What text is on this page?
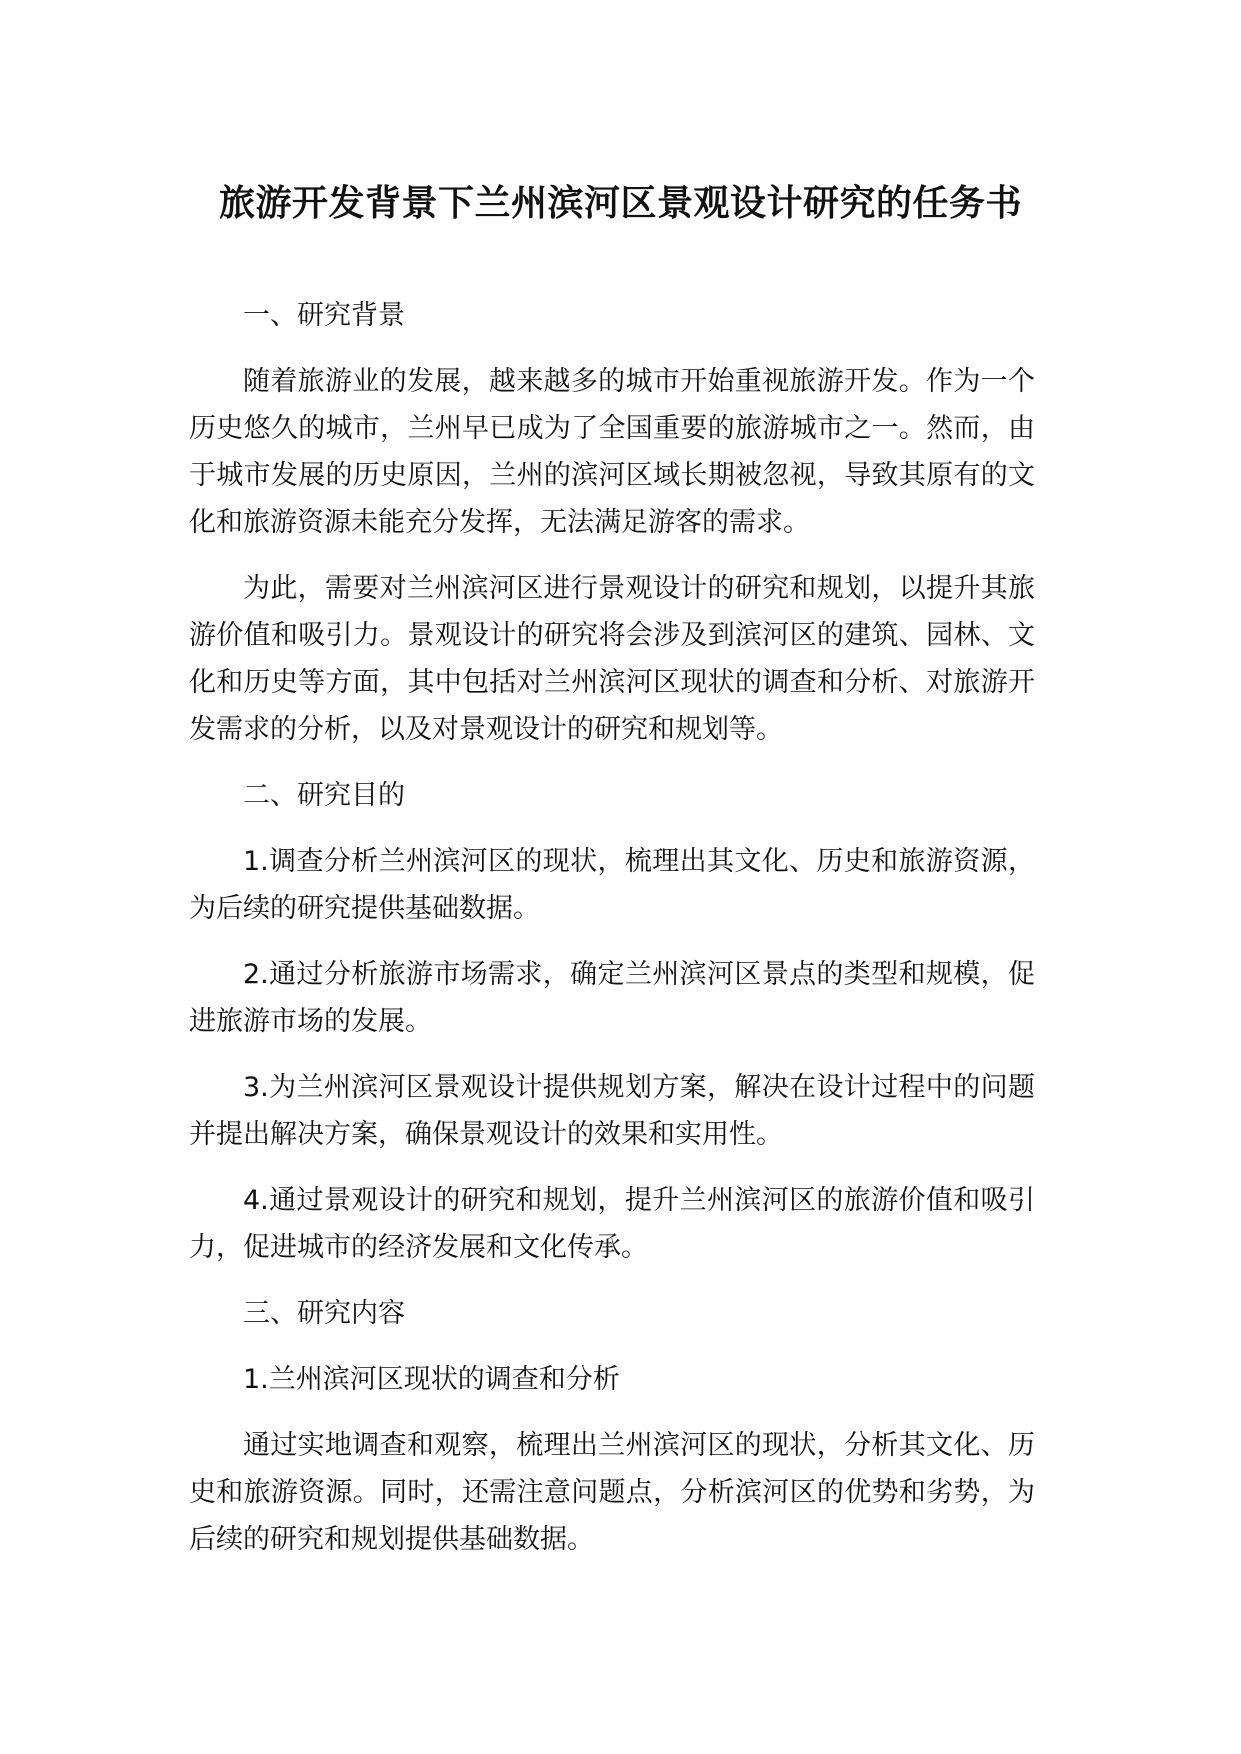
旅游开发背景下兰州滨河区景观设计研究的任务书

一、研究背景

随着旅游业的发展，越来越多的城市开始重视旅游开发。作为一个历史悠久的城市，兰州早已成为了全国重要的旅游城市之一。然而，由于城市发展的历史原因，兰州的滨河区域长期被忽视，导致其原有的文化和旅游资源未能充分发挥，无法满足游客的需求。

为此，需要对兰州滨河区进行景观设计的研究和规划，以提升其旅游价值和吸引力。景观设计的研究将会涉及到滨河区的建筑、园林、文化和历史等方面，其中包括对兰州滨河区现状的调查和分析、对旅游开发需求的分析，以及对景观设计的研究和规划等。

二、研究目的

1.调查分析兰州滨河区的现状，梳理出其文化、历史和旅游资源，为后续的研究提供基础数据。

2.通过分析旅游市场需求，确定兰州滨河区景点的类型和规模，促进旅游市场的发展。

3.为兰州滨河区景观设计提供规划方案，解决在设计过程中的问题并提出解决方案，确保景观设计的效果和实用性。

4.通过景观设计的研究和规划，提升兰州滨河区的旅游价值和吸引力，促进城市的经济发展和文化传承。

三、研究内容

1.兰州滨河区现状的调查和分析

通过实地调查和观察，梳理出兰州滨河区的现状，分析其文化、历史和旅游资源。同时，还需注意问题点，分析滨河区的优势和劣势，为后续的研究和规划提供基础数据。
